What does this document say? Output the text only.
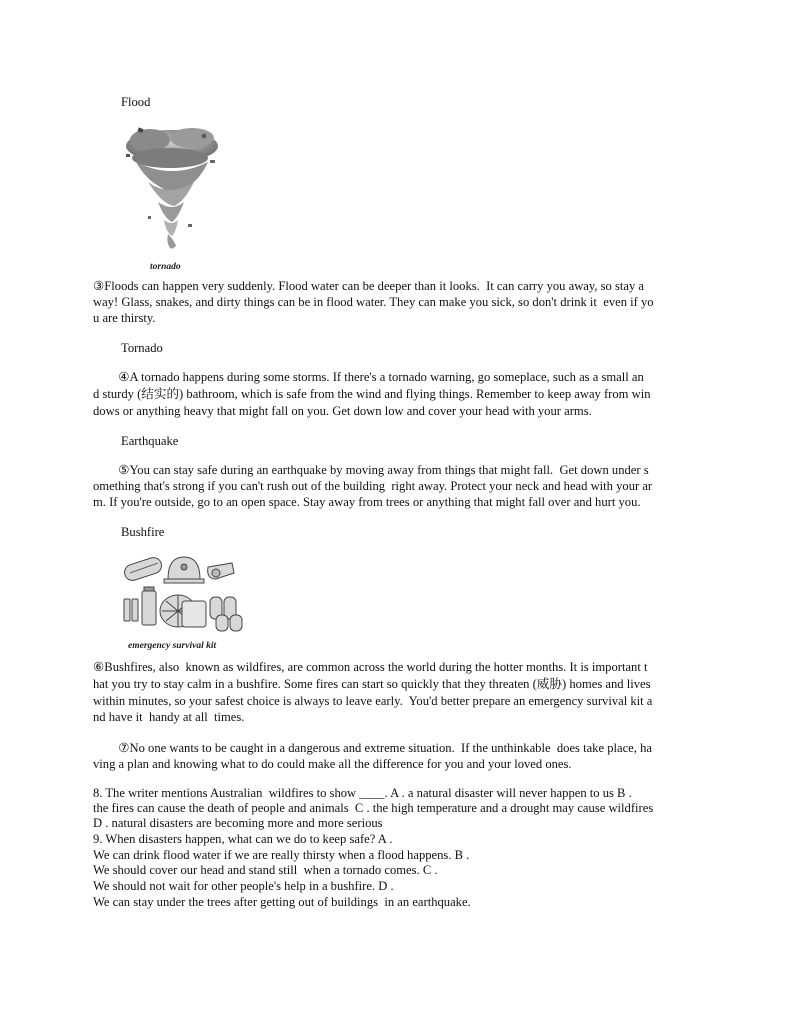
Flood
tornado
③Floods can happen very suddenly. Flood water can be deeper than it looks.  It can carry you away, so stay a
way! Glass, snakes, and dirty things can be in flood water. They can make you sick, so don't drink it  even if yo
u are thirsty.
Tornado
④A tornado happens during some storms. If there's a tornado warning, go someplace, such as a small an
d sturdy (结实的) bathroom, which is safe from the wind and flying things. Remember to keep away from win
dows or anything heavy that might fall on you. Get down low and cover your head with your arms.
Earthquake
⑤You can stay safe during an earthquake by moving away from things that might fall.  Get down under s
omething that's strong if you can't rush out of the building  right away. Protect your neck and head with your ar
m. If you're outside, go to an open space. Stay away from trees or anything that might fall over and hurt you.
Bushfire
emergency survival kit
⑥Bushfires, also  known as wildfires, are common across the world during the hotter months. It is important t
hat you try to stay calm in a bushfire. Some fires can start so quickly that they threaten (威胁) homes and lives
within minutes, so your safest choice is always to leave early.  You'd better prepare an emergency survival kit a
nd have it  handy at all  times.
⑦No one wants to be caught in a dangerous and extreme situation.  If the unthinkable  does take place, ha
ving a plan and knowing what to do could make all the difference for you and your loved ones.
8. The writer mentions Australian  wildfires to show ____. A . a natural disaster will never happen to us B .
the fires can cause the death of people and animals  C . the high temperature and a drought may cause wildfires
D . natural disasters are becoming more and more serious
9. When disasters happen, what can we do to keep safe? A .
We can drink flood water if we are really thirsty when a flood happens. B .
We should cover our head and stand still  when a tornado comes. C .
We should not wait for other people's help in a bushfire. D .
We can stay under the trees after getting out of buildings  in an earthquake.
